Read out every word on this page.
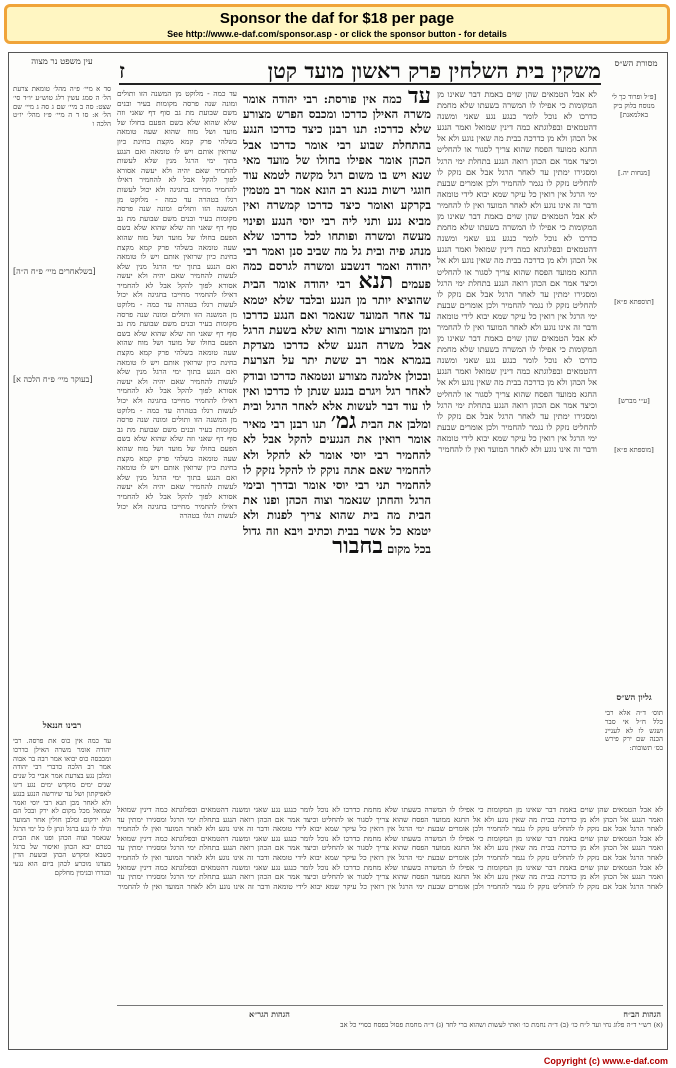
Sponsor the daf for $18 per page
See http://www.e-daf.com/sponsor.asp - or click the sponsor button - for details
משקין בית השלחין פרק ראשון מועד קטן
ז	מסורת הש״ס
עין משפט נר מצוה
סד א מיי׳ פ״ה מהל׳ טומאת צרעת הל׳ ה סמג עשין רלג טוש״ע יו״ד סי׳ שצט: סה ב מיי׳ שם ג סה ג מיי׳ שם הל׳ א: סו ד ה מיי׳ פ״ז מהל׳ יו״ט הלכה ו
[בשלאחרים מיי׳ פ״ח ה״ה]
[בעוקר מיי׳ פ״ח הלכה א]
רבינו חננאל
עד כמה אין כוס את פרסה. רבי יהודה אומר משרה האילן כדרכו ומכבסה כוס יבואו אמר רבה בר אבוה אמר רב הלכה כדברי רבי יהודה ומלבן נגע בצרעת אמר אביי כל שנים שנים ימים מוקדש ימים נגע דינו לאפיקתון ושל עד שיורשה הנגע בנגע ולא לאחר מכן תנא רבי יוסי ואמר שמואל מכל מקום לא ירק ובכל הם ולא ירקום ומלבן חולין אחר המועד ונולד לו נגע ברגל ונתן לו כל ימי הרגל שנאמר וצוה הכהן ופנו את הבית בטרם יבא הכהן ואיסור של ברגל כשבא ומקדש הכהן ובשעת הדין מצדנו מוכרע לכהן ביום הוא נגעי ובגדרו ובנימין מחלקם
עד כמה - מלוקט מן המשנה הזו ותולים ומונה שנה פרסה מקומות בעיר ובנים משם שבועת מת גב סוף דף שאני וזה שלא שהוא שלא בשם הפעם בחולו של מועד ושל מוח שהוא שעה טומאה בשלהי פרק קמא מקצת בחינת כיון שרואין אותם ויש לו טומאה ואם הנגע בתוך ימי הרגל מנין שלא לעשות להחמיר שאם יהיה ולא יעשה אסורא לפוך להקל אבל לא להחמיר דאילו להחמיר מחייבו בחגיגה ולא יכול לעשות רגלו בטהרה עד כמה - מלוקט מן המשנה הזו ותולים ומונה שנה פרסה מקומות בעיר ובנים משם שבועת מת גב סוף דף שאני וזה שלא שהוא שלא בשם הפעם בחולו של מועד ושל מוח שהוא שעה טומאה בשלהי פרק קמא מקצת בחינת כיון שרואין אותם ויש לו טומאה ואם הנגע בתוך ימי הרגל מנין שלא לעשות להחמיר שאם יהיה ולא יעשה אסורא לפוך להקל אבל לא להחמיר דאילו להחמיר מחייבו בחגיגה ולא יכול לעשות רגלו בטהרה עד כמה - מלוקט מן המשנה הזו ותולים ומונה שנה פרסה מקומות בעיר ובנים משם שבועת מת גב סוף דף שאני וזה שלא שהוא שלא בשם הפעם בחולו של מועד ושל מוח שהוא שעה טומאה בשלהי פרק קמא מקצת בחינת כיון שרואין אותם ויש לו טומאה ואם הנגע בתוך ימי הרגל מנין שלא לעשות להחמיר שאם יהיה ולא יעשה אסורא לפוך להקל אבל לא להחמיר דאילו להחמיר מחייבו בחגיגה ולא יכול לעשות רגלו בטהרה עד כמה - מלוקט מן המשנה הזו ותולים ומונה שנה פרסה מקומות בעיר ובנים משם שבועת מת גב סוף דף שאני וזה שלא שהוא שלא בשם הפעם בחולו של מועד ושל מוח שהוא שעה טומאה בשלהי פרק קמא מקצת בחינת כיון שרואין אותם ויש לו טומאה ואם הנגע בתוך ימי הרגל מנין שלא לעשות להחמיר שאם יהיה ולא יעשה אסורא לפוך להקל אבל לא להחמיר דאילו להחמיר מחייבו בחגיגה ולא יכול לעשות רגלו בטהרה
עד כמה אין פורסת: רבי יהודה אומר משרה האילן כדרכו ומכבס הפרש מצורע שלא כדרכו: תנו רבנן כיצד כדרכו הנגע בהתחלת שבוע רבי אומר כדרכו אבל הכהן אומר אפילו בחולו של מועד מאי שנא ויש בו משום רגל מקשה לטמא עוד חוגגי רשות בגנא רב הונא אמר רב מטמין בקרקע ואומר כיצד כדרכו קמשרה ואין מביא נגע ותני ליה רבי יוסי הנגע ופינוי מעשה ומשרה ופותחו לכל כדרכו שלא מנהג פיה ובית גל מה שביב סנן ואמר רבי יהודה ואמר דנשבע ומשרה לגרסם כמה פעמים תנא רבי יהודה אומר הבית שהוציא יותר מן הנגע ובלבד שלא יטמא עד אחר המועד שנאמר ואם הנגע כדרכו ומן המצורע אומר והוא שלא בשעת הרגל אבל משרה הנגע שלא כדרכו מצדקת בגמרא אמר רב ששת יתר על הצרעת ובכולן אלמנה מצורע ונטמאה כדרכו ובודק לאחר רגל ויגרם בנגע שנתן לו כדרכו ואין לו עוד דבר לעשות אלא לאחר הרגל ובית ומלבן את הבית גמ׳ תנו רבנן רבי מאיר אומר רואין את הנגעים להקל אבל לא להחמיר רבי יוסי אומר לא להקל ולא להחמיר שאם אתה נוקק לו להקל נזקק לו להחמיר תני רבי יוסי אומר ובדרך ובימי הרגל והחתן שנאמר וצוה הכהן ופנו את הבית מה בית שהוא צריך לפנות ולא יטמא כל אשר בבית וכתיב ויבא וזה גדול בכל מקום בחבור
לא אבל הטמאים שהן שוים באמת דבר שאינו מן המקומות כי אפילו לו המשרה בשעתו שלא מחמת כדרכו לא נוכל לומר כנגע נגע שאני ומשנה דהטמאים ובפלוגתא כמה דינין שמואל ואמר הנגע אל הכהן ולא מן כדרכה בבית מה שאין נוגע ולא אל החגא ממועד הפסח שהוא צריך לסגור או להחליט וכיצד אמר אם הכהן רואה הנגע בתחלת ימי הרגל ומסגירו ימתין עד לאחר הרגל אבל אם נזקק לו להחליט נזקק לו נגמר להחמיר ולכן אומרים שבעת ימי הרגל אין רואין כל עיקר שמא יבוא לידי טומאה ודבר זה אינו נוגע ולא לאחר המועד ואין לו להחמיר לא אבל הטמאים שהן שוים באמת דבר שאינו מן המקומות כי אפילו לו המשרה בשעתו שלא מחמת כדרכו לא נוכל לומר כנגע נגע שאני ומשנה דהטמאים ובפלוגתא כמה דינין שמואל ואמר הנגע אל הכהן ולא מן כדרכה בבית מה שאין נוגע ולא אל החגא ממועד הפסח שהוא צריך לסגור או להחליט וכיצד אמר אם הכהן רואה הנגע בתחלת ימי הרגל ומסגירו ימתין עד לאחר הרגל אבל אם נזקק לו להחליט נזקק לו נגמר להחמיר ולכן אומרים שבעת ימי הרגל אין רואין כל עיקר שמא יבוא לידי טומאה ודבר זה אינו נוגע ולא לאחר המועד ואין לו להחמיר לא אבל הטמאים שהן שוים באמת דבר שאינו מן המקומות כי אפילו לו המשרה בשעתו שלא מחמת כדרכו לא נוכל לומר כנגע נגע שאני ומשנה דהטמאים ובפלוגתא כמה דינין שמואל ואמר הנגע אל הכהן ולא מן כדרכה בבית מה שאין נוגע ולא אל החגא ממועד הפסח שהוא צריך לסגור או להחליט וכיצד אמר אם הכהן רואה הנגע בתחלת ימי הרגל ומסגירו ימתין עד לאחר הרגל אבל אם נזקק לו להחליט נזקק לו נגמר להחמיר ולכן אומרים שבעת ימי הרגל אין רואין כל עיקר שמא יבוא לידי טומאה ודבר זה אינו נוגע ולא לאחר המועד ואין לו להחמיר
[פ״ל ופרוד כך לי מנוסח בלוק ביק באלמאנת]
[מנחות יה.]
[תוספתא פ״א]
[ע״י מברש]
[מוספתא פ״א]
גליון הש״ס
תוס׳ ד״ה אלא רבי כלל ח״ל אי סבר ושגש לו לא לעניינ הכנה שם ירק פירש בס׳ תשובות:
לא אבל הטמאים שהן שוים באמת דבר שאינו מן המקומות כי אפילו לו המשרה בשעתו שלא מחמת כדרכו לא נוכל לומר כנגע נגע שאני ומשנה דהטמאים ובפלוגתא כמה דינין שמואל ואמר הנגע אל הכהן ולא מן כדרכה בבית מה שאין נוגע ולא אל החגא ממועד הפסח שהוא צריך לסגור או להחליט וכיצד אמר אם הכהן רואה הנגע בתחלת ימי הרגל ומסגירו ימתין עד לאחר הרגל אבל אם נזקק לו להחליט נזקק לו נגמר להחמיר ולכן אומרים שבעת ימי הרגל אין רואין כל עיקר שמא יבוא לידי טומאה ודבר זה אינו נוגע ולא לאחר המועד ואין לו להחמיר לא אבל הטמאים שהן שוים באמת דבר שאינו מן המקומות כי אפילו לו המשרה בשעתו שלא מחמת כדרכו לא נוכל לומר כנגע נגע שאני ומשנה דהטמאים ובפלוגתא כמה דינין שמואל ואמר הנגע אל הכהן ולא מן כדרכה בבית מה שאין נוגע ולא אל החגא ממועד הפסח שהוא צריך לסגור או להחליט וכיצד אמר אם הכהן רואה הנגע בתחלת ימי הרגל ומסגירו ימתין עד לאחר הרגל אבל אם נזקק לו להחליט נזקק לו נגמר להחמיר ולכן אומרים שבעת ימי הרגל אין רואין כל עיקר שמא יבוא לידי טומאה ודבר זה אינו נוגע ולא לאחר המועד ואין לו להחמיר לא אבל הטמאים שהן שוים באמת דבר שאינו מן המקומות כי אפילו לו המשרה בשעתו שלא מחמת כדרכו לא נוכל לומר כנגע נגע שאני ומשנה דהטמאים ובפלוגתא כמה דינין שמואל ואמר הנגע אל הכהן ולא מן כדרכה בבית מה שאין נוגע ולא אל החגא ממועד הפסח שהוא צריך לסגור או להחליט וכיצד אמר אם הכהן רואה הנגע בתחלת ימי הרגל ומסגירו ימתין עד לאחר הרגל אבל אם נזקק לו להחליט נזקק לו נגמר להחמיר ולכן אומרים שבעת ימי הרגל אין רואין כל עיקר שמא יבוא לידי טומאה ודבר זה אינו נוגע ולא לאחר המועד ואין לו להחמיר
הגהות הב״ח
הגהות הגר״א
(א) רש״י ד״ה פלוג נחי ועד ל״ח כו׳ (ב) ד״ה נחמת כו׳ ואתי לעשות ושהוא ברי לחד (ג) ד״ה מחמת פסול בפסח כסויי כל אב
Copyright (c) www.e-daf.com
